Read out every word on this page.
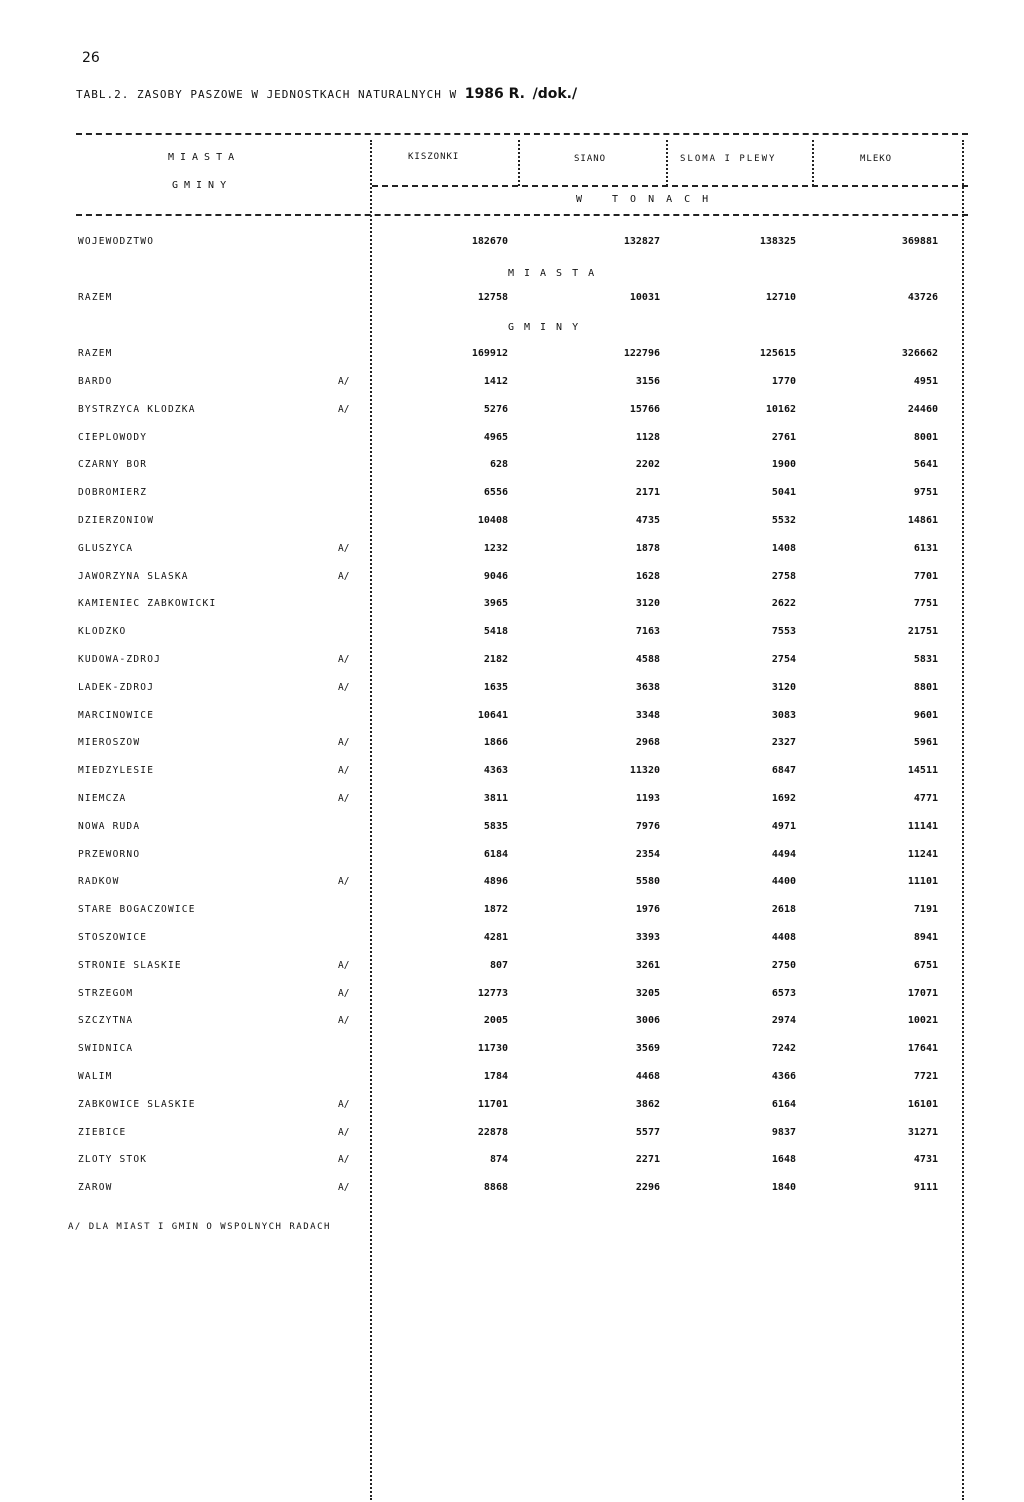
26
TABL.2. ZASOBY PASZOWE W JEDNOSTKACH NATURALNYCH W 1986 R. /dok./
MIASTA
GMINY
KISZONKI	SIANO	SLOMA I PLEWY	MLEKO
W TONACH
WOJEWODZTWO	182670	132827	138325	369881
MIASTA
RAZEM	12758	10031	12710	43726
GMINY
RAZEM	169912	122796	125615	326662
BARDO	A/	1412	3156	1770	4951
BYSTRZYCA KLODZKA	A/	5276	15766	10162	24460
CIEPLOWODY	4965	1128	2761	8001
CZARNY BOR	628	2202	1900	5641
DOBROMIERZ	6556	2171	5041	9751
DZIERZONIOW	10408	4735	5532	14861
GLUSZYCA	A/	1232	1878	1408	6131
JAWORZYNA SLASKA	A/	9046	1628	2758	7701
KAMIENIEC ZABKOWICKI	3965	3120	2622	7751
KLODZKO	5418	7163	7553	21751
KUDOWA-ZDROJ	A/	2182	4588	2754	5831
LADEK-ZDROJ	A/	1635	3638	3120	8801
MARCINOWICE	10641	3348	3083	9601
MIEROSZOW	A/	1866	2968	2327	5961
MIEDZYLESIE	A/	4363	11320	6847	14511
NIEMCZA	A/	3811	1193	1692	4771
NOWA RUDA	5835	7976	4971	11141
PRZEWORNO	6184	2354	4494	11241
RADKOW	A/	4896	5580	4400	11101
STARE BOGACZOWICE	1872	1976	2618	7191
STOSZOWICE	4281	3393	4408	8941
STRONIE SLASKIE	A/	807	3261	2750	6751
STRZEGOM	A/	12773	3205	6573	17071
SZCZYTNA	A/	2005	3006	2974	10021
SWIDNICA	11730	3569	7242	17641
WALIM	1784	4468	4366	7721
ZABKOWICE SLASKIE	A/	11701	3862	6164	16101
ZIEBICE	A/	22878	5577	9837	31271
ZLOTY STOK	A/	874	2271	1648	4731
ZAROW	A/	8868	2296	1840	9111
A/ DLA MIAST I GMIN O WSPOLNYCH RADACH
